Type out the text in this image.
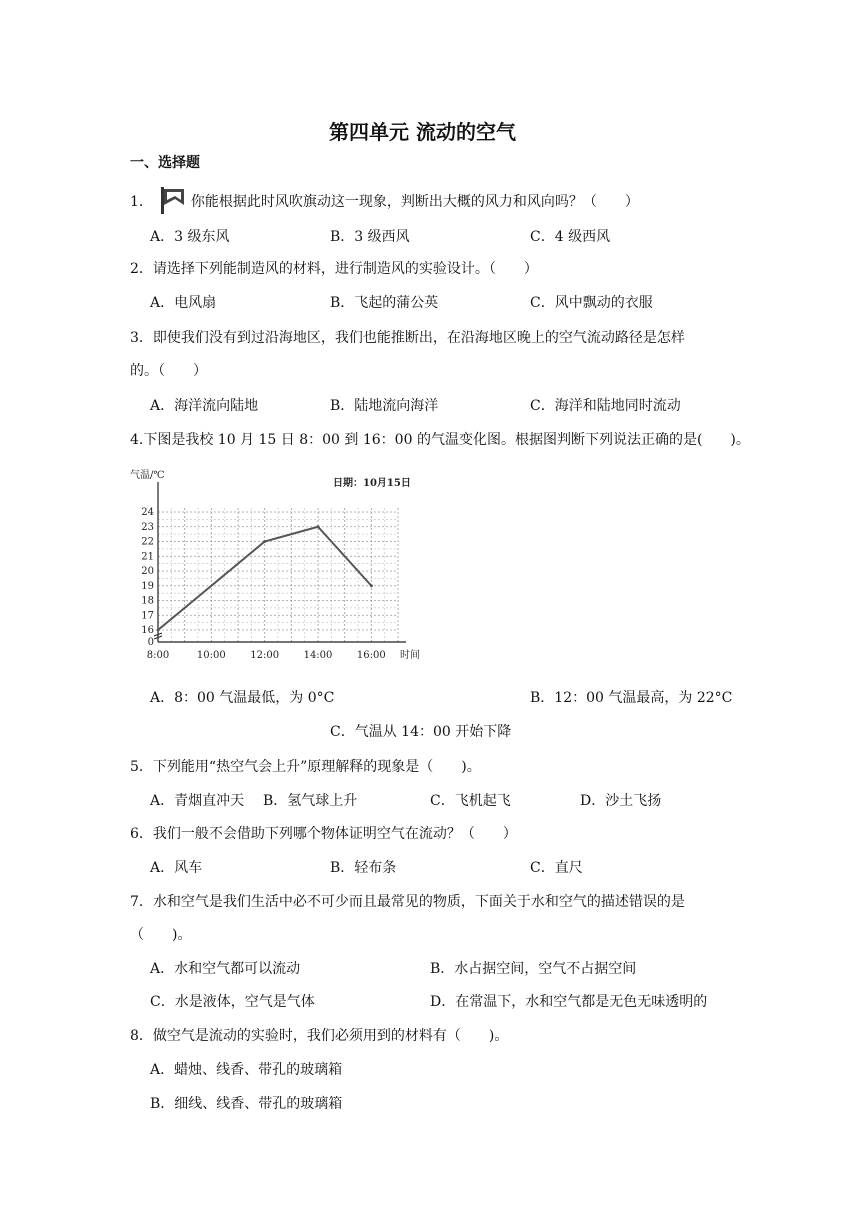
第四单元 流动的空气
一、选择题
1．	你能根据此时风吹旗动这一现象，判断出大概的风力和风向吗？（　　）
A．3 级东风	B．3 级西风	C．4 级西风
2．请选择下列能制造风的材料，进行制造风的实验设计。（　　）
A．电风扇	B．飞起的蒲公英	C．风中飘动的衣服
3．即使我们没有到过沿海地区，我们也能推断出，在沿海地区晚上的空气流动路径是怎样
的。（　　）
A．海洋流向陆地	B．陆地流向海洋	C．海洋和陆地同时流动
4.下图是我校 10 月 15 日 8：00 到 16：00 的气温变化图。根据图判断下列说法正确的是(　　)。
0
16
17
18
19
20
21
22
23
24
8:00	10:00 12:00 14:00 16:00
气温/℃
时间
日期：10月15日
A．8：00 气温最低，为 0°C	B．12：00 气温最高，为 22°C
C．气温从 14：00 开始下降
5．下列能用“热空气会上升”原理解释的现象是（　　)。
A．青烟直冲天 B．氢气球上升	C．飞机起飞	D．沙土飞扬
6．我们一般不会借助下列哪个物体证明空气在流动？（　　）
A．风车	B．轻布条	C．直尺
7．水和空气是我们生活中必不可少而且最常见的物质，下面关于水和空气的描述错误的是
（　　)。
A．水和空气都可以流动	B．水占据空间，空气不占据空间
C．水是液体，空气是气体	D．在常温下，水和空气都是无色无味透明的
8．做空气是流动的实验时，我们必须用到的材料有（　　)。
A．蜡烛、线香、带孔的玻璃箱
B．细线、线香、带孔的玻璃箱
